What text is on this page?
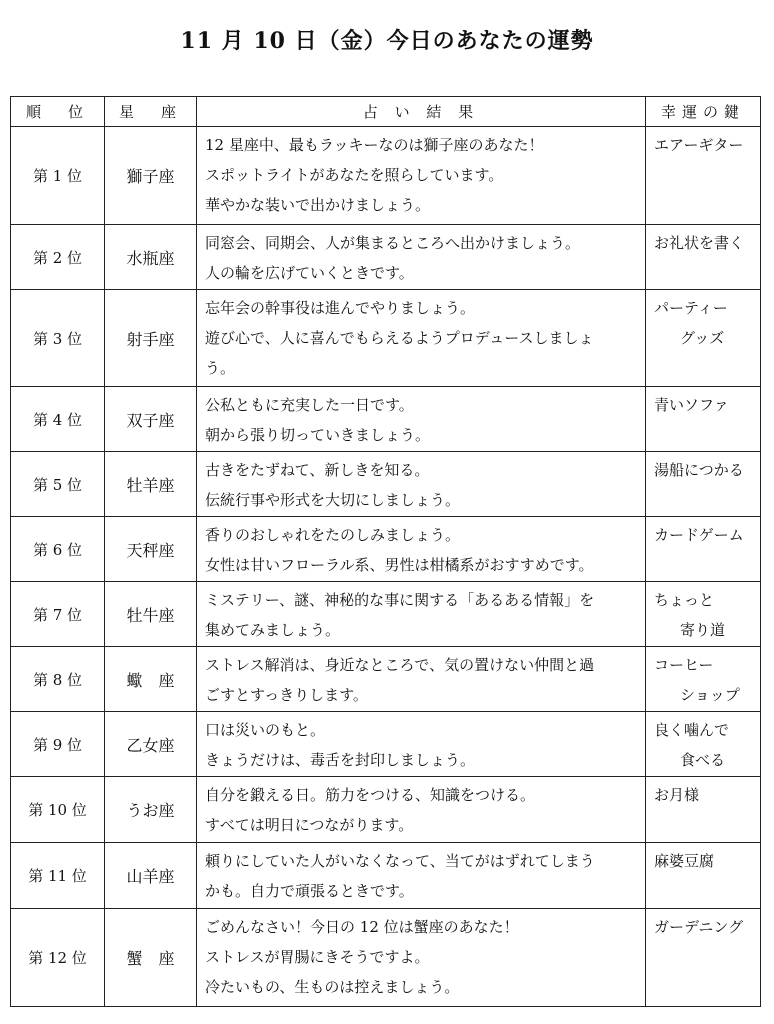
11 月 10 日（金）今日のあなたの運勢
順　位	星　座	占 い 結 果	幸運の鍵
第 1 位	獅子座	12 星座中、最もラッキーなのは獅子座のあなた！
スポットライトがあなたを照らしています。
華やかな装いで出かけましょう。	エアーギター

第 2 位	水瓶座	同窓会、同期会、人が集まるところへ出かけましょう。
人の輪を広げていくときです。	お礼状を書く

第 3 位	射手座	忘年会の幹事役は進んでやりましょう。
遊び心で、人に喜んでもらえるようプロデュースしましょ
う。	パーティー
グッズ

第 4 位	双子座	公私ともに充実した一日です。
朝から張り切っていきましょう。	青いソファ

第 5 位	牡羊座	古きをたずねて、新しきを知る。
伝統行事や形式を大切にしましょう。	湯船につかる

第 6 位	天秤座	香りのおしゃれをたのしみましょう。
女性は甘いフローラル系、男性は柑橘系がおすすめです。	カードゲーム

第 7 位	牡牛座	ミステリー、謎、神秘的な事に関する「あるある情報」を
集めてみましょう。	ちょっと
寄り道

第 8 位	蠍　座	ストレス解消は、身近なところで、気の置けない仲間と過
ごすとすっきりします。	コーヒー
ショップ

第 9 位	乙女座	口は災いのもと。
きょうだけは、毒舌を封印しましょう。	良く噛んで
食べる

第 10 位	うお座	自分を鍛える日。筋力をつける、知識をつける。
すべては明日につながります。	お月様

第 11 位	山羊座	頼りにしていた人がいなくなって、当てがはずれてしまう
かも。自力で頑張るときです。	麻婆豆腐

第 12 位	蟹　座	ごめんなさい！今日の 12 位は蟹座のあなた！
ストレスが胃腸にきそうですよ。
冷たいもの、生ものは控えましょう。	ガーデニング
